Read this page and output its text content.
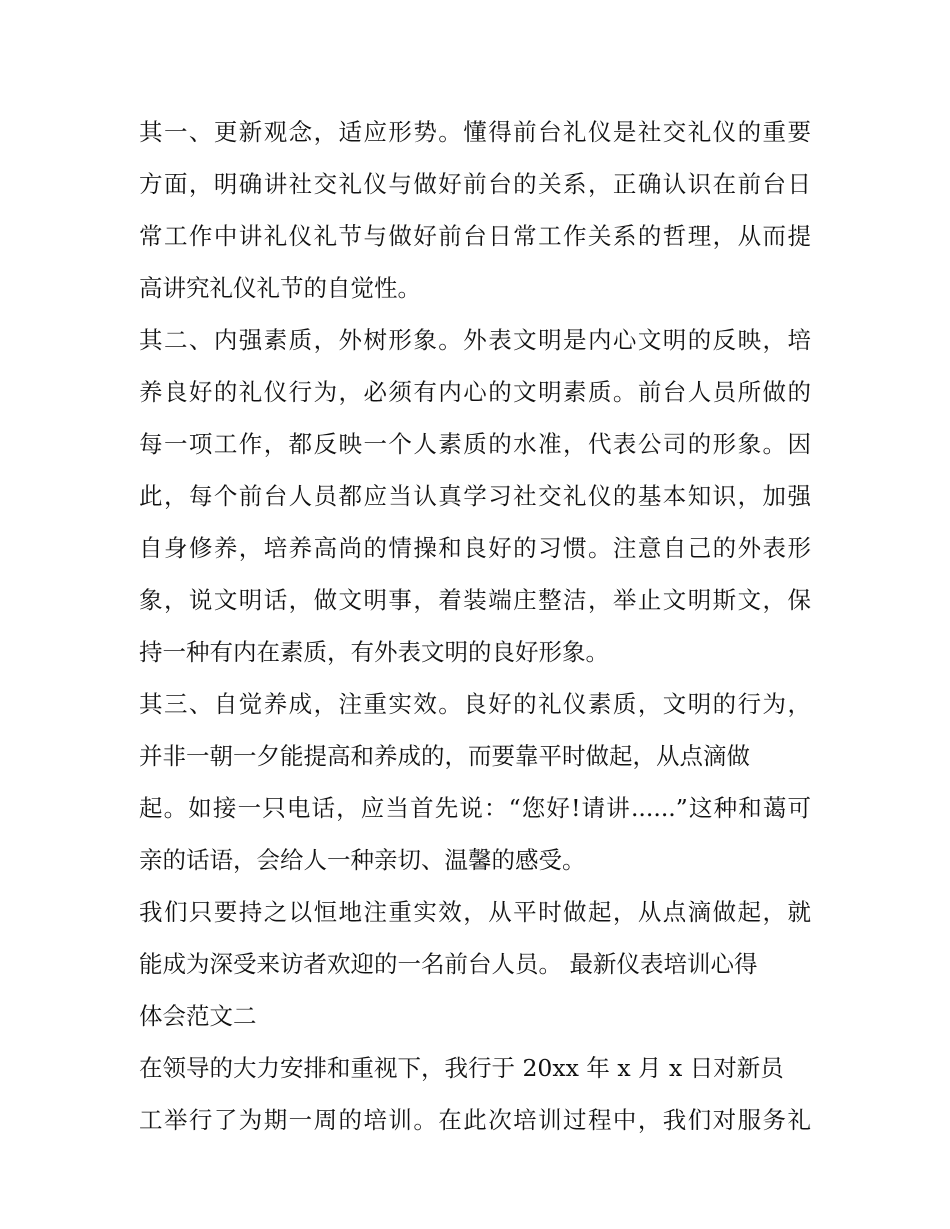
其一、更新观念，适应形势。懂得前台礼仪是社交礼仪的重要
方面，明确讲社交礼仪与做好前台的关系，正确认识在前台日
常工作中讲礼仪礼节与做好前台日常工作关系的哲理，从而提
高讲究礼仪礼节的自觉性。
其二、内强素质，外树形象。外表文明是内心文明的反映，培
养良好的礼仪行为，必须有内心的文明素质。前台人员所做的
每一项工作，都反映一个人素质的水准，代表公司的形象。因
此，每个前台人员都应当认真学习社交礼仪的基本知识，加强
自身修养，培养高尚的情操和良好的习惯。注意自己的外表形
象，说文明话，做文明事，着装端庄整洁，举止文明斯文，保
持一种有内在素质，有外表文明的良好形象。
其三、自觉养成，注重实效。良好的礼仪素质，文明的行为，
并非一朝一夕能提高和养成的，而要靠平时做起，从点滴做
起。如接一只电话，应当首先说：“您好!请讲......”这种和蔼可
亲的话语，会给人一种亲切、温馨的感受。
我们只要持之以恒地注重实效，从平时做起，从点滴做起，就
能成为深受来访者欢迎的一名前台人员。 最新仪表培训心得
体会范文二
在领导的大力安排和重视下，我行于 20xx 年 x 月 x 日对新员
工举行了为期一周的培训。在此次培训过程中，我们对服务礼
